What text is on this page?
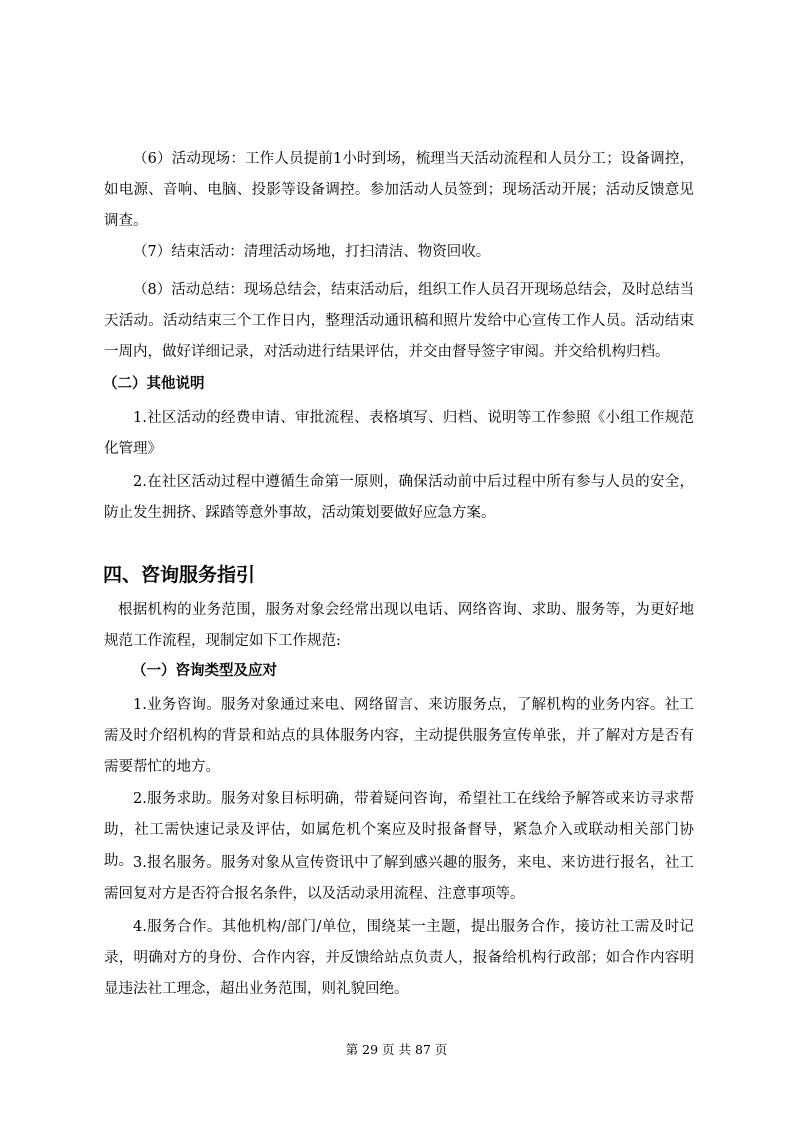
（6）活动现场：工作人员提前1小时到场，梳理当天活动流程和人员分工；设备调控，如电源、音响、电脑、投影等设备调控。参加活动人员签到；现场活动开展；活动反馈意见调查。

（7）结束活动：清理活动场地，打扫清洁、物资回收。

（8）活动总结：现场总结会，结束活动后，组织工作人员召开现场总结会，及时总结当天活动。活动结束三个工作日内，整理活动通讯稿和照片发给中心宣传工作人员。活动结束一周内，做好详细记录，对活动进行结果评估，并交由督导签字审阅。并交给机构归档。

（二）其他说明

1.社区活动的经费申请、审批流程、表格填写、归档、说明等工作参照《小组工作规范化管理》

2.在社区活动过程中遵循生命第一原则，确保活动前中后过程中所有参与人员的安全，防止发生拥挤、踩踏等意外事故，活动策划要做好应急方案。

四、咨询服务指引

根据机构的业务范围，服务对象会经常出现以电话、网络咨询、求助、服务等，为更好地规范工作流程，现制定如下工作规范:

（一）咨询类型及应对

1.业务咨询。服务对象通过来电、网络留言、来访服务点，了解机构的业务内容。社工需及时介绍机构的背景和站点的具体服务内容，主动提供服务宣传单张，并了解对方是否有需要帮忙的地方。

2.服务求助。服务对象目标明确，带着疑问咨询，希望社工在线给予解答或来访寻求帮助，社工需快速记录及评估，如属危机个案应及时报备督导，紧急介入或联动相关部门协助。 3.报名服务。服务对象从宣传资讯中了解到感兴趣的服务，来电、来访进行报名，社工需回复对方是否符合报名条件，以及活动录用流程、注意事项等。

4.服务合作。其他机构/部门/单位，围绕某一主题，提出服务合作，接访社工需及时记录，明确对方的身份、合作内容，并反馈给站点负责人，报备给机构行政部；如合作内容明显违法社工理念，超出业务范围，则礼貌回绝。

第 29 页 共 87 页
